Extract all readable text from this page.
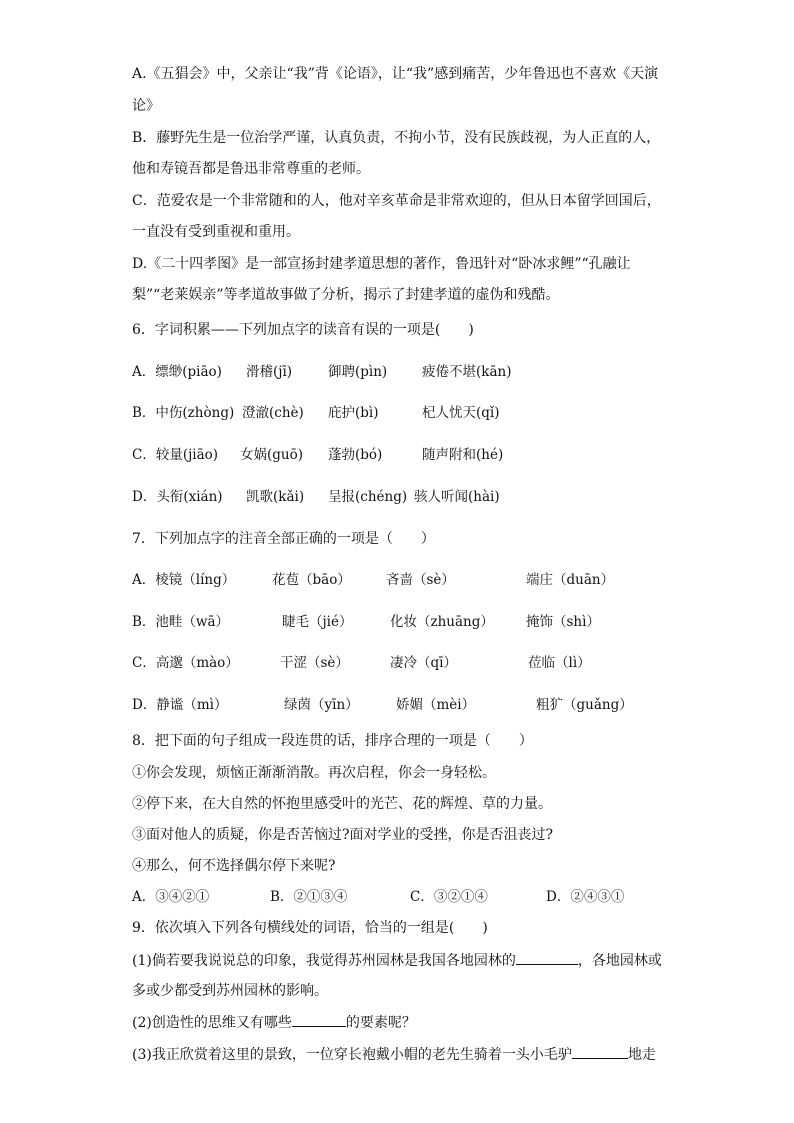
A.《五猖会》中，父亲让“我”背《论语》，让“我”感到痛苦，少年鲁迅也不喜欢《天演
论》
B．藤野先生是一位治学严谨，认真负责，不拘小节，没有民族歧视，为人正直的人，
他和寿镜吾都是鲁迅非常尊重的老师。
C．范爱农是一个非常随和的人，他对辛亥革命是非常欢迎的，但从日本留学回国后，
一直没有受到重视和重用。
D.《二十四孝图》是一部宣扬封建孝道思想的著作，鲁迅针对“卧冰求鲤”“孔融让
梨”“老莱娱亲”等孝道故事做了分析，揭示了封建孝道的虚伪和残酷。
6．字词积累——下列加点字的读音有误的一项是(　　)
A．缥缈(piāo) 滑稽(jī)	御聘(pìn)	疲倦不堪(kān)
B．中伤(zhòng) 澄澈(chè) 庇护(bì)	杞人忧天(qǐ)
C．较量(jiāo) 女娲(guō) 蓬勃(bó)	随声附和(hé)
D．头衔(xián) 凯歌(kǎi) 呈报(chéng) 骇人听闻(hài)
7．下列加点字的注音全部正确的一项是（　　）
A．棱镜（líng）	花苞（bāo）	吝啬（sè）	端庄（duān）
B．池畦（wā）	睫毛（jié）	化妆（zhuāng） 掩饰（shì）
C．高邈（mào）	干涩（sè）	凄冷（qī）	莅临（lì）
D．静谧（mì）	绿茵（yīn）	娇媚（mèi）	粗犷（guǎng）
8．把下面的句子组成一段连贯的话，排序合理的一项是（　　）
①你会发现，烦恼正渐渐消散。再次启程，你会一身轻松。
②停下来，在大自然的怀抱里感受叶的光芒、花的辉煌、草的力量。
③面对他人的质疑，你是否苦恼过?面对学业的受挫，你是否沮丧过?
④那么，何不选择偶尔停下来呢?
A．③④②①	B．②①③④	C．③②①④	D．②④③①
9．依次填入下列各句横线处的词语，恰当的一组是(　　)
(1)倘若要我说说总的印象，我觉得苏州园林是我国各地园林的	，各地园林或
多或少都受到苏州园林的影响。
(2)创造性的思维又有哪些	的要素呢？
(3)我正欣赏着这里的景致，一位穿长袍戴小帽的老先生骑着一头小毛驴	地走
